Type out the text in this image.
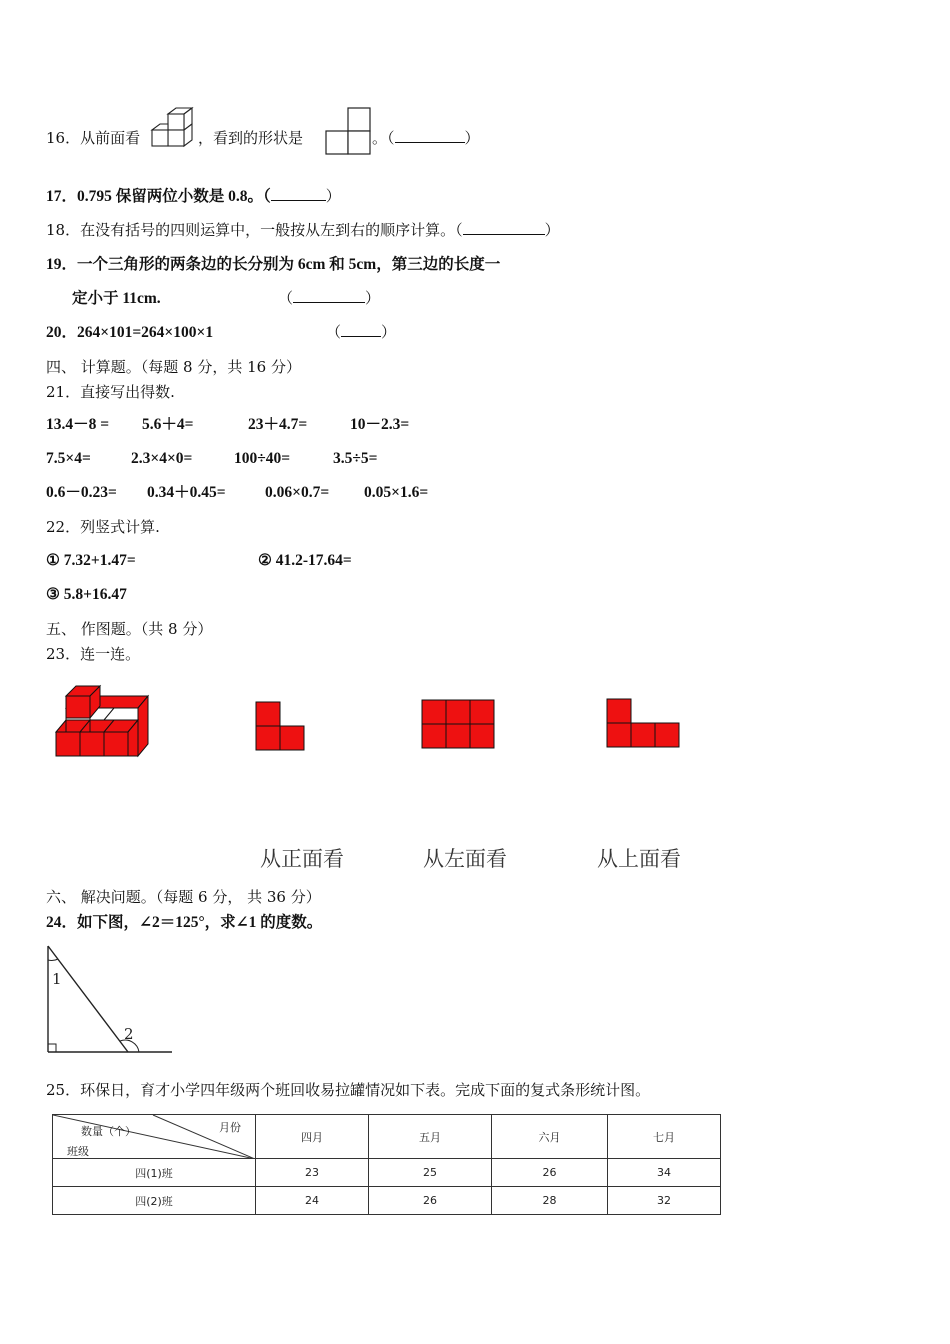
16．从前面看	，看到的形状是	。（	）
17．0.795 保留两位小数是 0.8。（	）
18．在没有括号的四则运算中，一般按从左到右的顺序计算。（	）
19．一个三角形的两条边的长分别为 6cm 和 5cm，第三边的长度一
定小于 11cm.	（	）
20．264×101=264×100×1	（	）
四、 计算题。（每题 8 分，共 16 分）
21．直接写出得数.
13.4－8 = 5.6＋4=	23＋4.7=	10－2.3=
7.5×4=	2.3×4×0=	100÷40=	3.5÷5=
0.6－0.23= 0.34＋0.45=	0.06×0.7= 0.05×1.6=
22．列竖式计算.
① 7.32+1.47=	② 41.2-17.64=
③ 5.8+16.47
五、 作图题。（共 8 分）
23．连一连。
从正面看	从左面看	从上面看
六、 解决问题。（每题 6 分， 共 36 分）
24．如下图，∠2＝125°，求∠1 的度数。
1
2
25．环保日，育才小学四年级两个班回收易拉罐情况如下表。完成下面的复式条形统计图。
月份
数量（个）
班级	四月	五月	六月	七月
四(1)班	23	25	26	34
四(2)班	24	26	28	32
